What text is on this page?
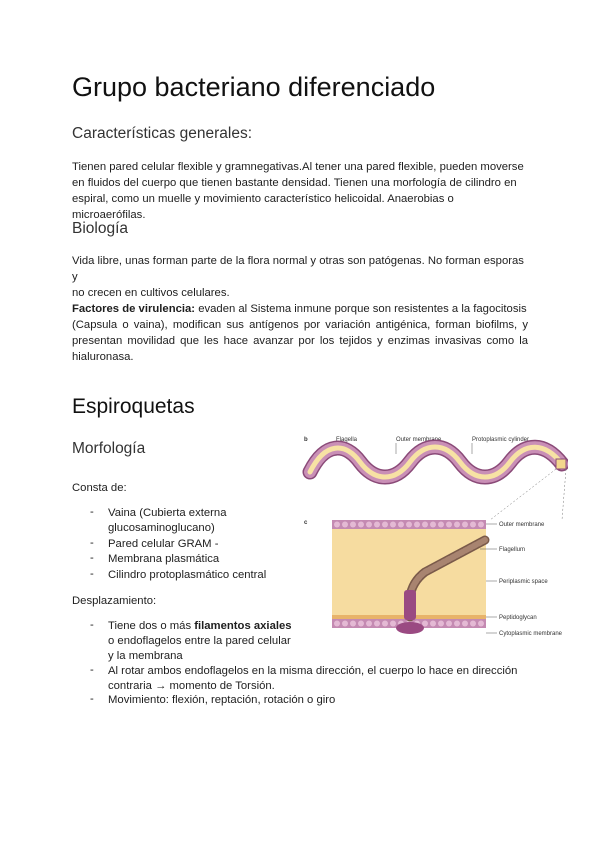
Grupo bacteriano diferenciado
Características generales:
Tienen pared celular flexible y gramnegativas.Al tener una pared flexible, pueden moverse
en fluidos del cuerpo que tienen bastante densidad. Tienen una morfología de cilindro en
espiral, como un muelle y movimiento característico helicoidal. Anaerobias o microaerófilas.
Biología
Vida libre, unas forman parte de la flora normal y otras son patógenas. No forman esporas y
no crecen en cultivos celulares.
Factores de virulencia: evaden al Sistema inmune porque son resistentes a la fagocitosis
(Capsula o vaina), modifican sus antígenos por variación antigénica, forman biofilms, y
presentan movilidad que les hace avanzar por los tejidos y enzimas invasivas como la
hialuronasa.
Espiroquetas
Morfología
Consta de:
- Vaina (Cubierta externa
glucosaminoglucano)
- Pared celular GRAM -
- Membrana plasmática
- Cilindro protoplasmático central
Desplazamiento:
- Tiene dos o más filamentos axiales
o endoflagelos entre la pared celular
y la membrana
- Al rotar ambos endoflagelos en la misma dirección, el cuerpo lo hace en dirección
contraria → momento de Torsión.
- Movimiento: flexión, reptación, rotación o giro
b	Flagella	Outer membrane	Protoplasmic cylinder
c	Outer membrane
Flagellum
Periplasmic space
Peptidoglycan
Cytoplasmic membrane
